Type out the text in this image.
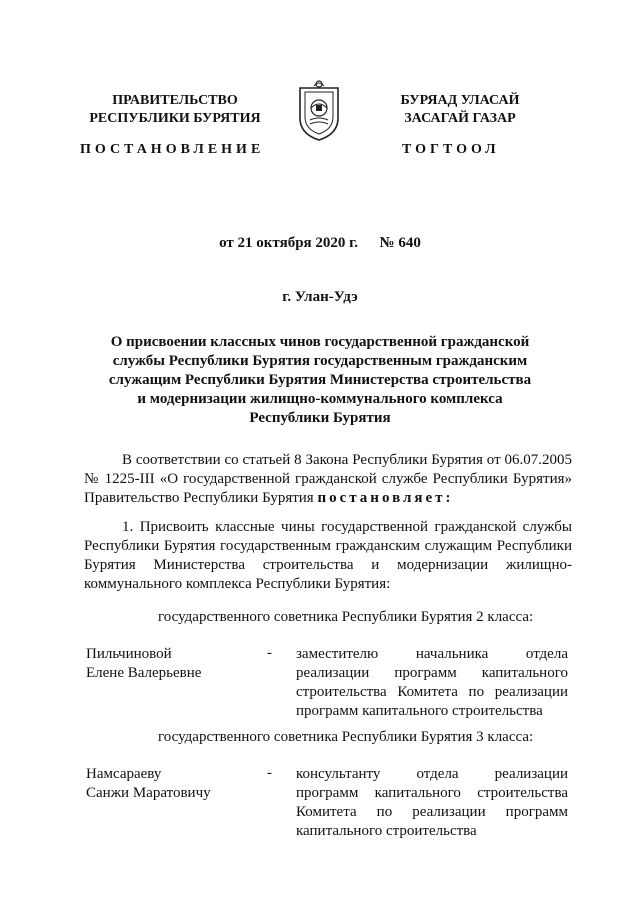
ПРАВИТЕЛЬСТВО
РЕСПУБЛИКИ БУРЯТИЯ
БУРЯАД УЛАСАЙ
ЗАСАГАЙ ГАЗАР
ПОСТАНОВЛЕНИЕ	ТОГТООЛ
от 21 октября 2020 г. № 640
г. Улан-Удэ
О присвоении классных чинов государственной гражданской
службы Республики Бурятия государственным гражданским
служащим Республики Бурятия Министерства строительства
и модернизации жилищно-коммунального комплекса
Республики Бурятия
В соответствии со статьей 8 Закона Республики Бурятия от 06.07.2005 № 1225-III «О государственной гражданской службе Республики Бурятия» Правительство Республики Бурятия постановляет:
1. Присвоить классные чины государственной гражданской службы Республики Бурятия государственным гражданским служащим Республики Бурятия Министерства строительства и модернизации жилищно-коммунального комплекса Республики Бурятия:
государственного советника Республики Бурятия 2 класса:
Пильчиновой
Елене Валерьевне
- заместителю начальника отдела реализации программ капитального строительства Комитета по реализации программ капитального строительства
государственного советника Республики Бурятия 3 класса:
Намсараеву
Санжи Маратовичу
- консультанту отдела реализации программ капитального строительства Комитета по реализации программ капитального строительства
